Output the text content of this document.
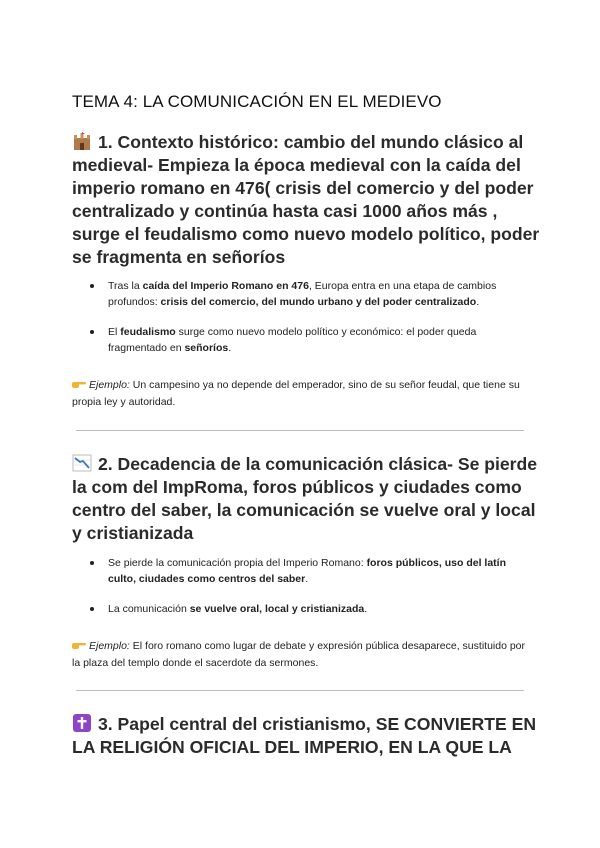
TEMA 4: LA COMUNICACIÓN EN EL MEDIEVO
1. Contexto histórico: cambio del mundo clásico al medieval- Empieza la época medieval con la caída del imperio romano en 476( crisis del comercio y del poder centralizado y continúa hasta casi 1000 años más , surge el feudalismo como nuevo modelo político, poder se fragmenta en señoríos
Tras la caída del Imperio Romano en 476, Europa entra en una etapa de cambios profundos: crisis del comercio, del mundo urbano y del poder centralizado.
El feudalismo surge como nuevo modelo político y económico: el poder queda fragmentado en señoríos.
Ejemplo: Un campesino ya no depende del emperador, sino de su señor feudal, que tiene su propia ley y autoridad.
2. Decadencia de la comunicación clásica- Se pierde la com del ImpRoma, foros públicos y ciudades como centro del saber, la comunicación se vuelve oral y local y cristianizada
Se pierde la comunicación propia del Imperio Romano: foros públicos, uso del latín culto, ciudades como centros del saber.
La comunicación se vuelve oral, local y cristianizada.
Ejemplo: El foro romano como lugar de debate y expresión pública desaparece, sustituido por la plaza del templo donde el sacerdote da sermones.
3. Papel central del cristianismo, SE CONVIERTE EN LA RELIGIÓN OFICIAL DEL IMPERIO, EN LA QUE LA
